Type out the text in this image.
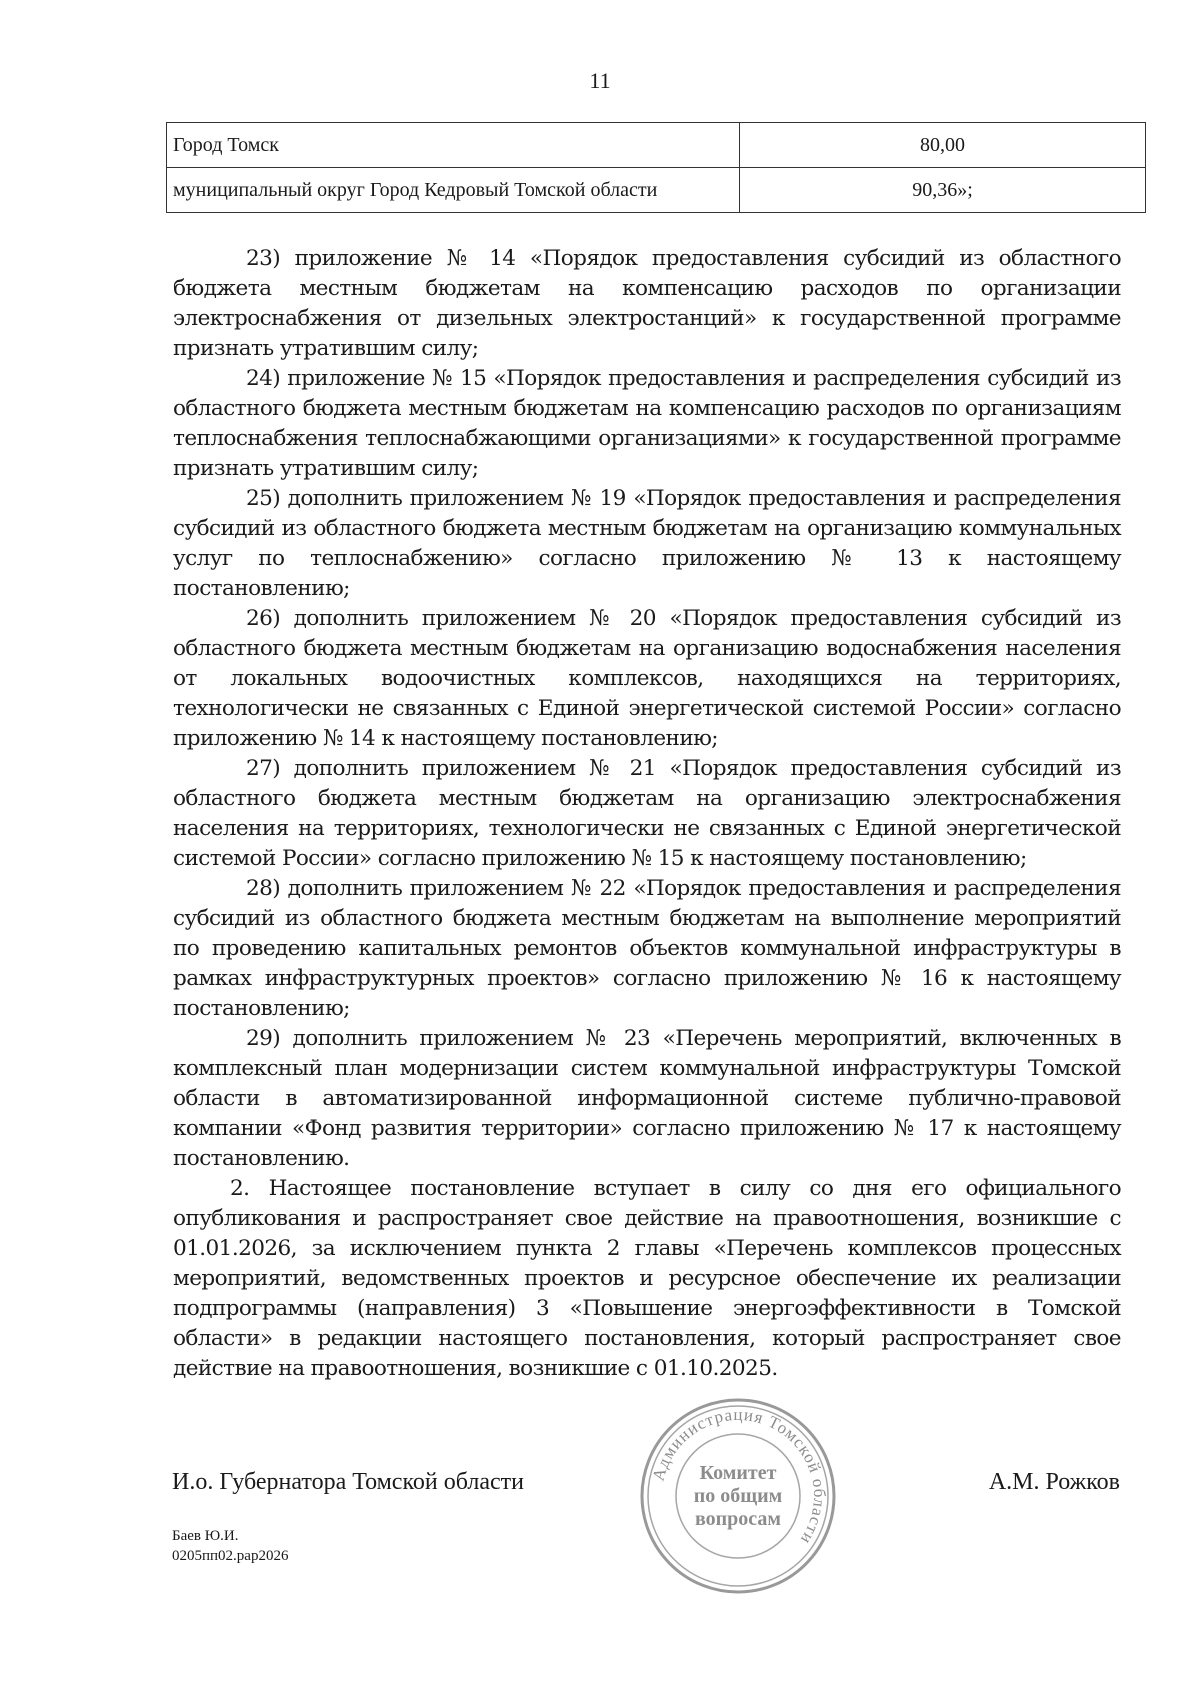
11
Город Томск	80,00
муниципальный округ Город Кедровый Томской области	90,36»;

23) приложение № 14 «Порядок предоставления субсидий из областного бюджета местным бюджетам на компенсацию расходов по организации электроснабжения от дизельных электростанций» к государственной программе признать утратившим силу;

24) приложение № 15 «Порядок предоставления и распределения субсидий из областного бюджета местным бюджетам на компенсацию расходов по организациям теплоснабжения теплоснабжающими организациями» к государственной программе признать утратившим силу;

25) дополнить приложением № 19 «Порядок предоставления и распределения субсидий из областного бюджета местным бюджетам на организацию коммунальных услуг по теплоснабжению» согласно приложению № 13 к настоящему постановлению;

26) дополнить приложением № 20 «Порядок предоставления субсидий из областного бюджета местным бюджетам на организацию водоснабжения населения от локальных водоочистных комплексов, находящихся на территориях, технологически не связанных с Единой энергетической системой России» согласно приложению № 14 к настоящему постановлению;

27) дополнить приложением № 21 «Порядок предоставления субсидий из областного бюджета местным бюджетам на организацию электроснабжения населения на территориях, технологически не связанных с Единой энергетической системой России» согласно приложению № 15 к настоящему постановлению;

28) дополнить приложением № 22 «Порядок предоставления и распределения субсидий из областного бюджета местным бюджетам на выполнение мероприятий по проведению капитальных ремонтов объектов коммунальной инфраструктуры в рамках инфраструктурных проектов» согласно приложению № 16 к настоящему постановлению;

29) дополнить приложением № 23 «Перечень мероприятий, включенных в комплексный план модернизации систем коммунальной инфраструктуры Томской области в автоматизированной информационной системе публично-правовой компании «Фонд развития территории» согласно приложению № 17 к настоящему постановлению.

2. Настоящее постановление вступает в силу со дня его официального опубликования и распространяет свое действие на правоотношения, возникшие с 01.01.2026, за исключением пункта 2 главы «Перечень комплексов процессных мероприятий, ведомственных проектов и ресурсное обеспечение их реализации подпрограммы (направления) 3 «Повышение энергоэффективности в Томской области» в редакции настоящего постановления, который распространяет свое действие на правоотношения, возникшие с 01.10.2025.

И.о. Губернатора Томской области	А.М. Рожков
Баев Ю.И.
0205пп02.рар2026
Администрация Томской области
Комитет
по общим
вопросам
